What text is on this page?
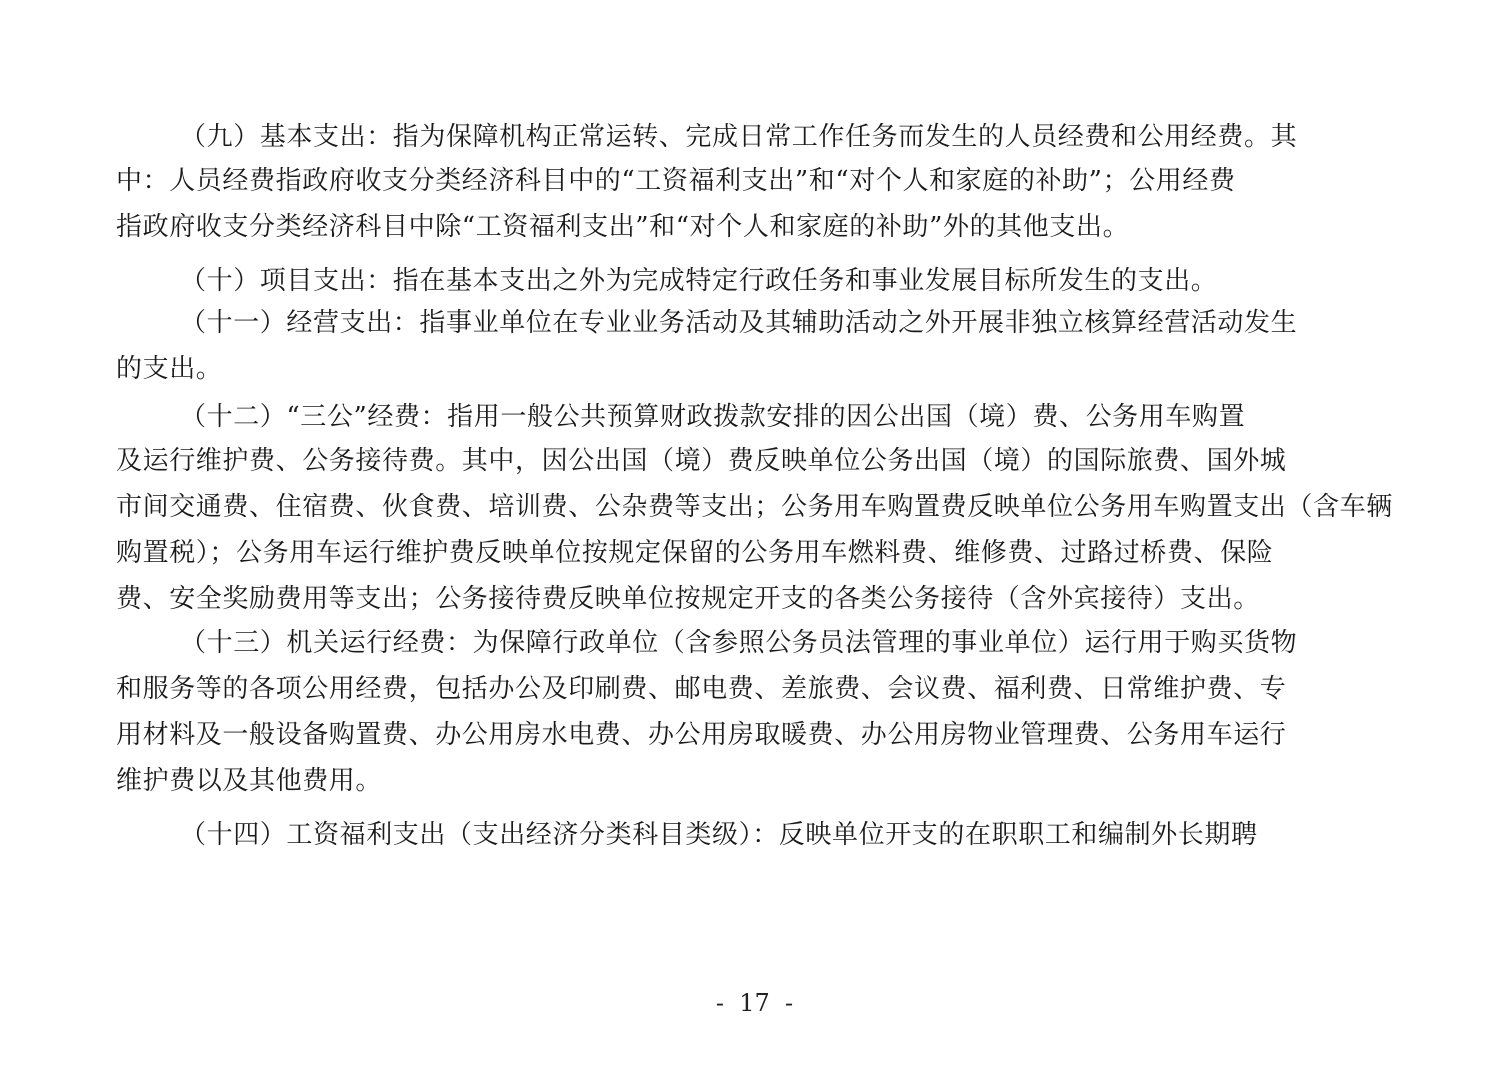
（九）基本支出：指为保障机构正常运转、完成日常工作任务而发生的人员经费和公用经费。其

中：人员经费指政府收支分类经济科目中的“工资福利支出”和“对个人和家庭的补助”；公用经费

指政府收支分类经济科目中除“工资福利支出”和“对个人和家庭的补助”外的其他支出。

（十）项目支出：指在基本支出之外为完成特定行政任务和事业发展目标所发生的支出。

（十一）经营支出：指事业单位在专业业务活动及其辅助活动之外开展非独立核算经营活动发生

的支出。

（十二）“三公”经费：指用一般公共预算财政拨款安排的因公出国（境）费、公务用车购置

及运行维护费、公务接待费。其中，因公出国（境）费反映单位公务出国（境）的国际旅费、国外城

市间交通费、住宿费、伙食费、培训费、公杂费等支出；公务用车购置费反映单位公务用车购置支出（含车辆

购置税）；公务用车运行维护费反映单位按规定保留的公务用车燃料费、维修费、过路过桥费、保险

费、安全奖励费用等支出；公务接待费反映单位按规定开支的各类公务接待（含外宾接待）支出。

（十三）机关运行经费：为保障行政单位（含参照公务员法管理的事业单位）运行用于购买货物

和服务等的各项公用经费，包括办公及印刷费、邮电费、差旅费、会议费、福利费、日常维护费、专

用材料及一般设备购置费、办公用房水电费、办公用房取暖费、办公用房物业管理费、公务用车运行

维护费以及其他费用。

（十四）工资福利支出（支出经济分类科目类级）：反映单位开支的在职职工和编制外长期聘

-  17  -
